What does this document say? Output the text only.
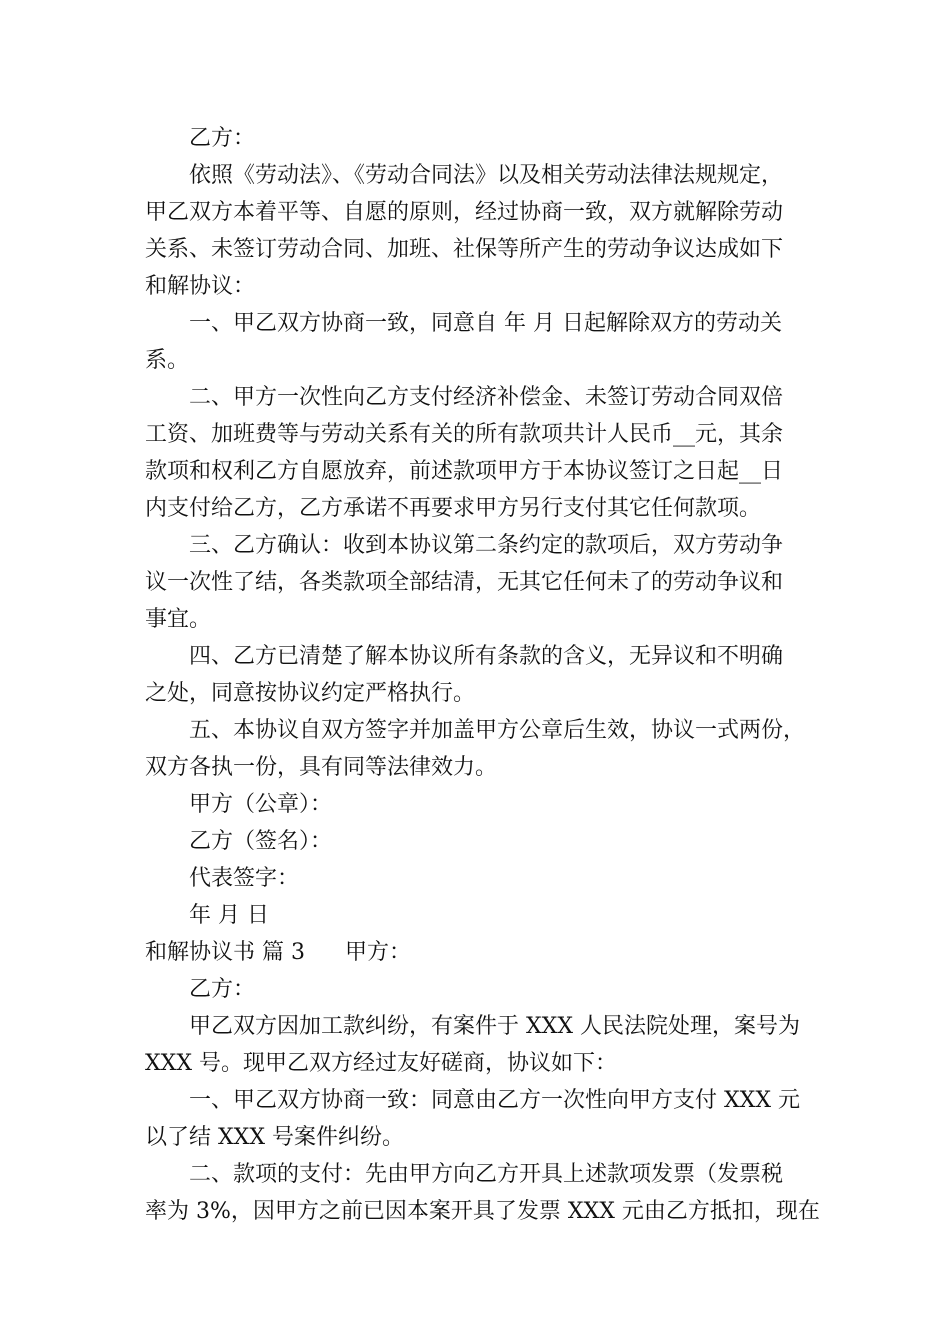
乙方：
依照《劳动法》、《劳动合同法》以及相关劳动法律法规规定，
甲乙双方本着平等、自愿的原则，经过协商一致，双方就解除劳动
关系、未签订劳动合同、加班、社保等所产生的劳动争议达成如下
和解协议：
一、甲乙双方协商一致，同意自 年 月 日起解除双方的劳动关
系。
二、甲方一次性向乙方支付经济补偿金、未签订劳动合同双倍
工资、加班费等与劳动关系有关的所有款项共计人民币__元，其余
款项和权利乙方自愿放弃，前述款项甲方于本协议签订之日起__日
内支付给乙方，乙方承诺不再要求甲方另行支付其它任何款项。
三、乙方确认：收到本协议第二条约定的款项后，双方劳动争
议一次性了结，各类款项全部结清，无其它任何未了的劳动争议和
事宜。
四、乙方已清楚了解本协议所有条款的含义，无异议和不明确
之处，同意按协议约定严格执行。
五、本协议自双方签字并加盖甲方公章后生效，协议一式两份，
双方各执一份，具有同等法律效力。
甲方（公章）：
乙方（签名）：
代表签字：
年 月 日
和解协议书 篇 3 甲方：
乙方：
甲乙双方因加工款纠纷，有案件于 XXX 人民法院处理，案号为
XXX 号。现甲乙双方经过友好磋商，协议如下：
一、甲乙双方协商一致：同意由乙方一次性向甲方支付 XXX 元
以了结 XXX 号案件纠纷。
二、款项的支付：先由甲方向乙方开具上述款项发票（发票税
率为 3%，因甲方之前已因本案开具了发票 XXX 元由乙方抵扣，现在
